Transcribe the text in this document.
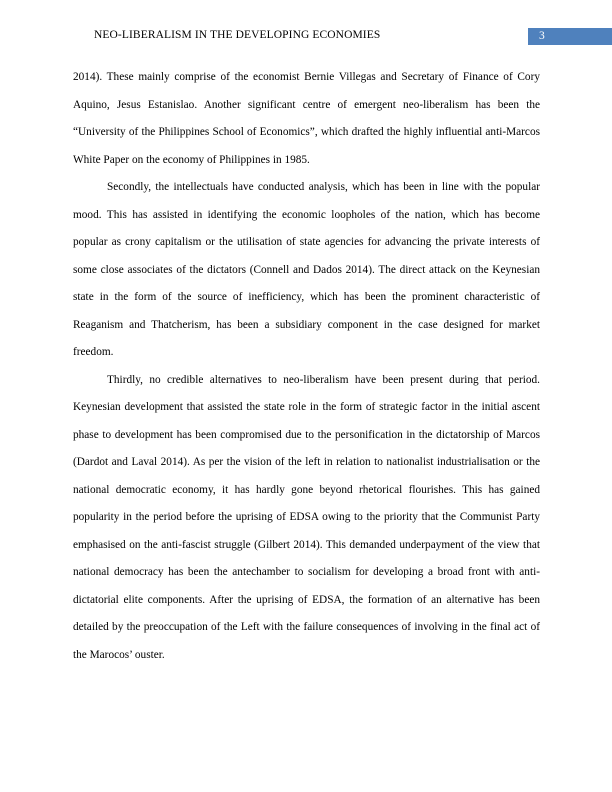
NEO-LIBERALISM IN THE DEVELOPING ECONOMIES	3

2014). These mainly comprise of the economist Bernie Villegas and Secretary of Finance of Cory Aquino, Jesus Estanislao. Another significant centre of emergent neo-liberalism has been the “University of the Philippines School of Economics”, which drafted the highly influential anti-Marcos White Paper on the economy of Philippines in 1985.

Secondly, the intellectuals have conducted analysis, which has been in line with the popular mood. This has assisted in identifying the economic loopholes of the nation, which has become popular as crony capitalism or the utilisation of state agencies for advancing the private interests of some close associates of the dictators (Connell and Dados 2014). The direct attack on the Keynesian state in the form of the source of inefficiency, which has been the prominent characteristic of Reaganism and Thatcherism, has been a subsidiary component in the case designed for market freedom.

Thirdly, no credible alternatives to neo-liberalism have been present during that period. Keynesian development that assisted the state role in the form of strategic factor in the initial ascent phase to development has been compromised due to the personification in the dictatorship of Marcos (Dardot and Laval 2014). As per the vision of the left in relation to nationalist industrialisation or the national democratic economy, it has hardly gone beyond rhetorical flourishes. This has gained popularity in the period before the uprising of EDSA owing to the priority that the Communist Party emphasised on the anti-fascist struggle (Gilbert 2014). This demanded underpayment of the view that national democracy has been the antechamber to socialism for developing a broad front with anti-dictatorial elite components. After the uprising of EDSA, the formation of an alternative has been detailed by the preoccupation of the Left with the failure consequences of involving in the final act of the Marocos’ ouster.
